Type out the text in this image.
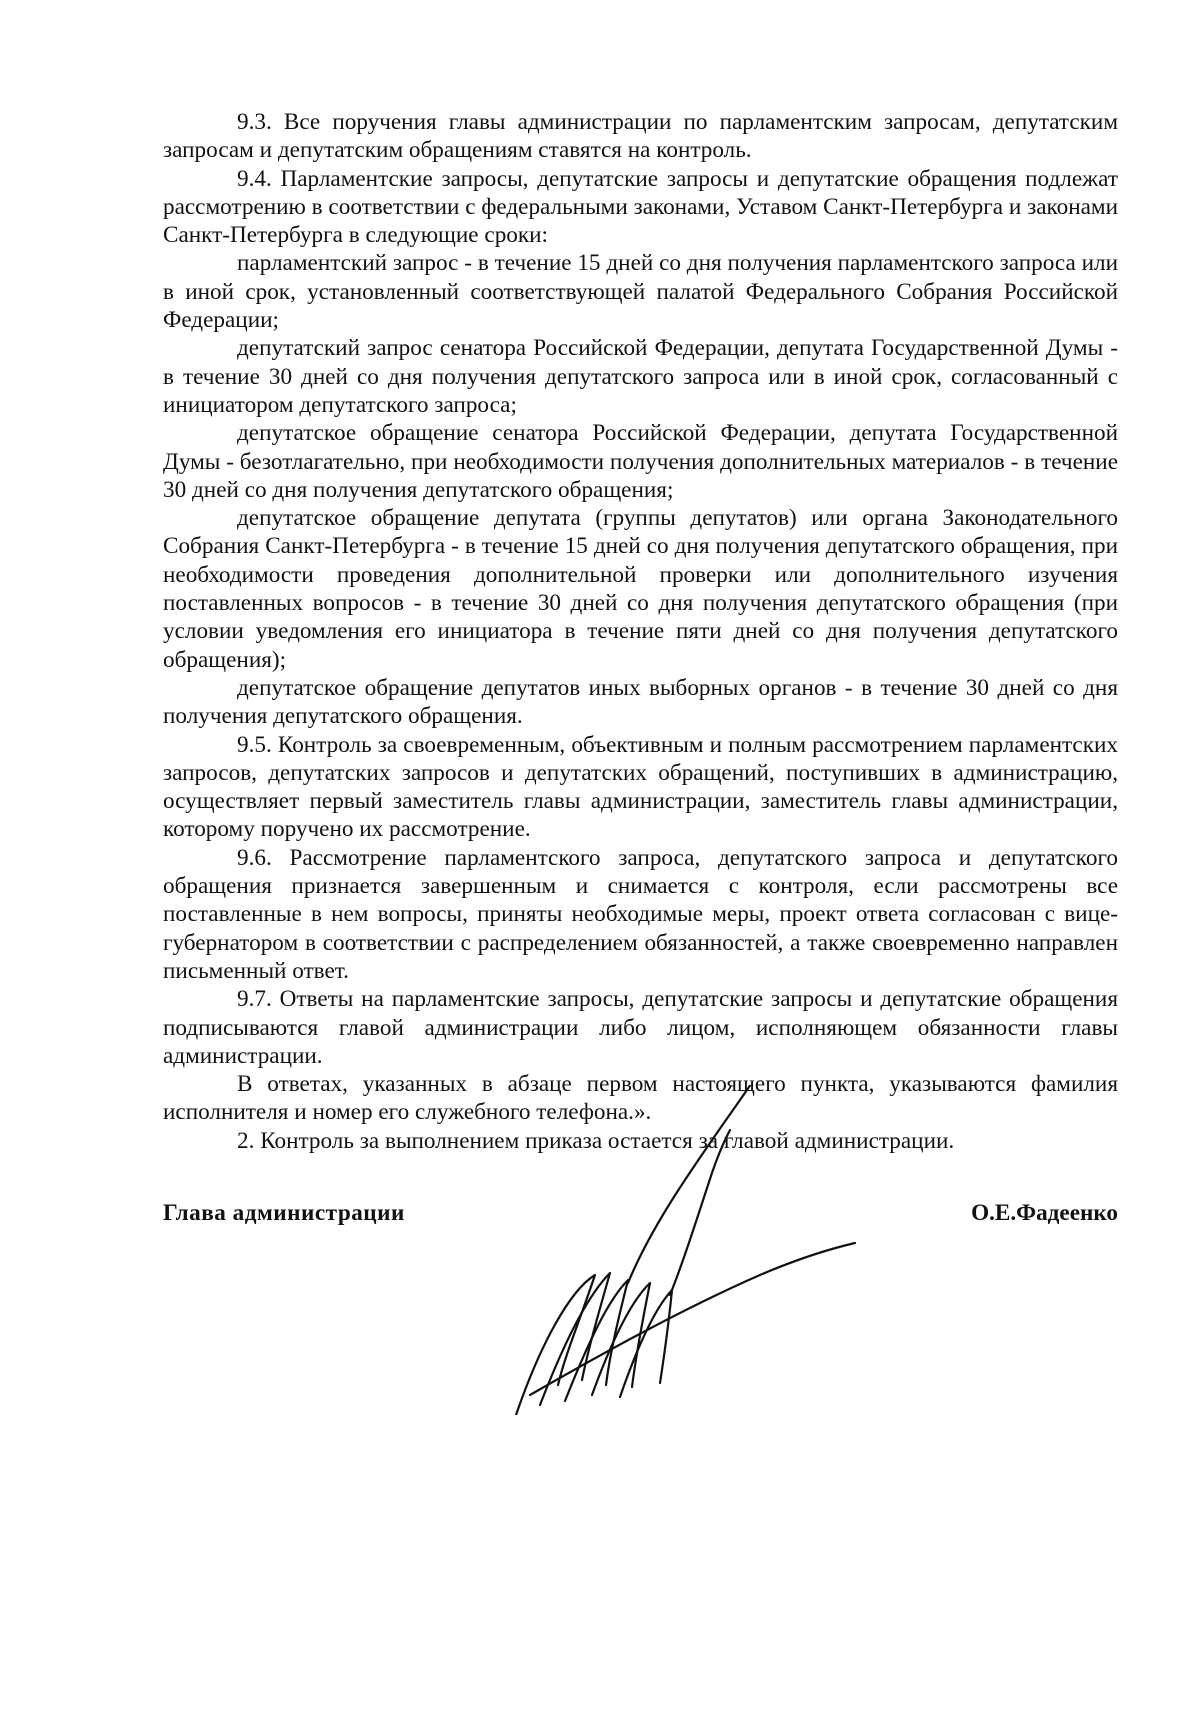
9.3. Все поручения главы администрации по парламентским запросам, депутатским запросам и депутатским обращениям ставятся на контроль.

9.4. Парламентские запросы, депутатские запросы и депутатские обращения подлежат рассмотрению в соответствии с федеральными законами, Уставом Санкт-Петербурга и законами Санкт-Петербурга в следующие сроки:

парламентский запрос - в течение 15 дней со дня получения парламентского запроса или в иной срок, установленный соответствующей палатой Федерального Собрания Российской Федерации;

депутатский запрос сенатора Российской Федерации, депутата Государственной Думы - в течение 30 дней со дня получения депутатского запроса или в иной срок, согласованный с инициатором депутатского запроса;

депутатское обращение сенатора Российской Федерации, депутата Государственной Думы - безотлагательно, при необходимости получения дополнительных материалов - в течение 30 дней со дня получения депутатского обращения;

депутатское обращение депутата (группы депутатов) или органа Законодательного Собрания Санкт-Петербурга - в течение 15 дней со дня получения депутатского обращения, при необходимости проведения дополнительной проверки или дополнительного изучения поставленных вопросов - в течение 30 дней со дня получения депутатского обращения (при условии уведомления его инициатора в течение пяти дней со дня получения депутатского обращения);

депутатское обращение депутатов иных выборных органов - в течение 30 дней со дня получения депутатского обращения.

9.5. Контроль за своевременным, объективным и полным рассмотрением парламентских запросов, депутатских запросов и депутатских обращений, поступивших в администрацию, осуществляет первый заместитель главы администрации, заместитель главы администрации, которому поручено их рассмотрение.

9.6. Рассмотрение парламентского запроса, депутатского запроса и депутатского обращения признается завершенным и снимается с контроля, если рассмотрены все поставленные в нем вопросы, приняты необходимые меры, проект ответа согласован с вице-губернатором в соответствии с распределением обязанностей, а также своевременно направлен письменный ответ.

9.7. Ответы на парламентские запросы, депутатские запросы и депутатские обращения подписываются главой администрации либо лицом, исполняющем обязанности главы администрации.

В ответах, указанных в абзаце первом настоящего пункта, указываются фамилия исполнителя и номер его служебного телефона.».

2. Контроль за выполнением приказа остается за главой администрации.

Глава администрации	О.Е.Фадеенко
